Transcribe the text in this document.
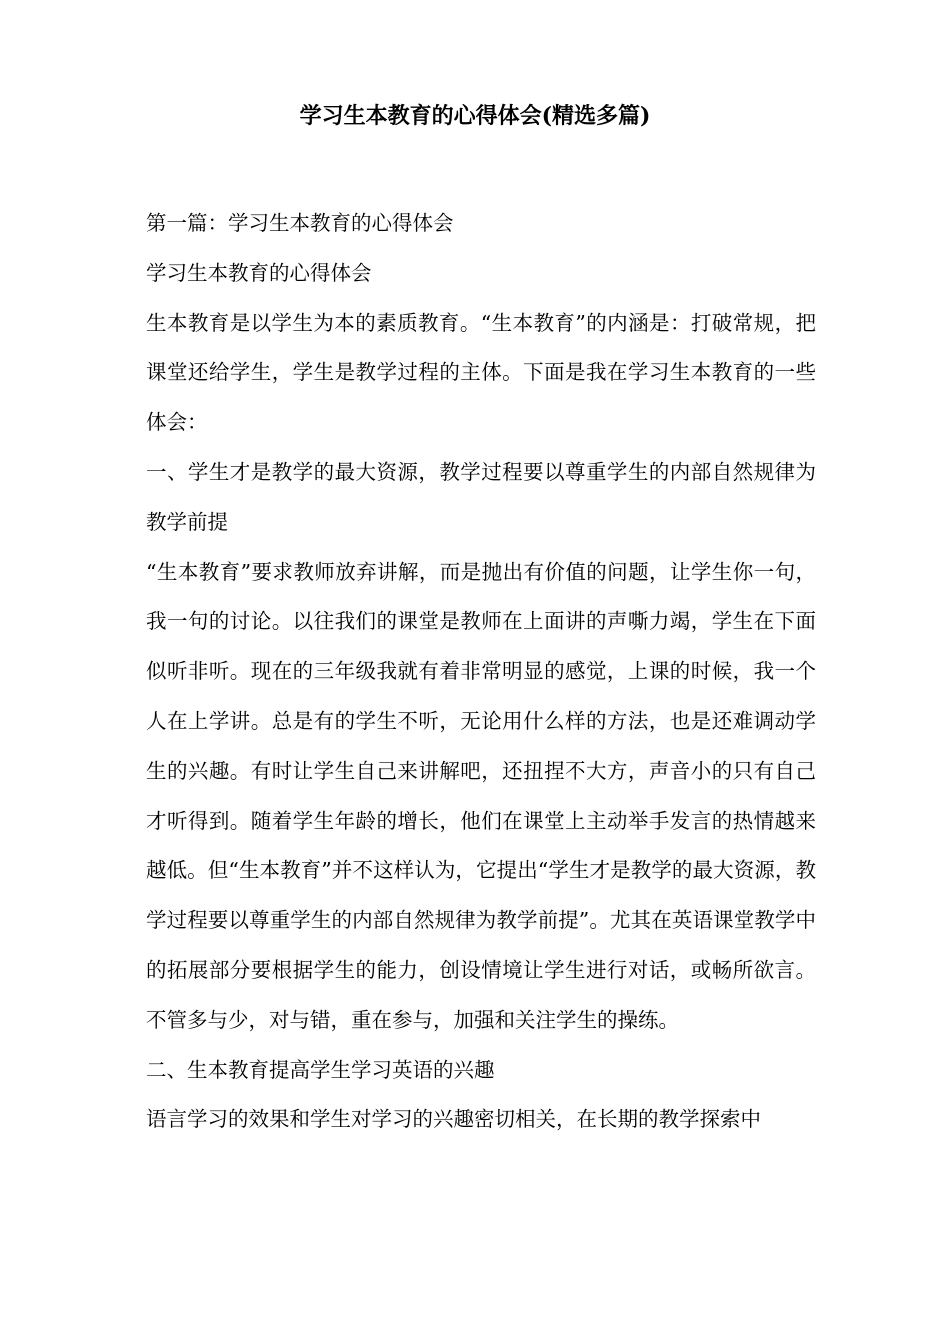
学习生本教育的心得体会(精选多篇)

第一篇：学习生本教育的心得体会

学习生本教育的心得体会

生本教育是以学生为本的素质教育。“生本教育”的内涵是：打破常规，把课堂还给学生，学生是教学过程的主体。下面是我在学习生本教育的一些体会：

一、学生才是教学的最大资源，教学过程要以尊重学生的内部自然规律为教学前提

“生本教育”要求教师放弃讲解，而是抛出有价值的问题，让学生你一句，我一句的讨论。以往我们的课堂是教师在上面讲的声嘶力竭，学生在下面似听非听。现在的三年级我就有着非常明显的感觉，上课的时候，我一个人在上学讲。总是有的学生不听，无论用什么样的方法，也是还难调动学生的兴趣。有时让学生自己来讲解吧，还扭捏不大方，声音小的只有自己才听得到。随着学生年龄的增长，他们在课堂上主动举手发言的热情越来越低。但“生本教育”并不这样认为，它提出“学生才是教学的最大资源，教学过程要以尊重学生的内部自然规律为教学前提”。尤其在英语课堂教学中的拓展部分要根据学生的能力，创设情境让学生进行对话，或畅所欲言。不管多与少，对与错，重在参与，加强和关注学生的操练。

二、生本教育提高学生学习英语的兴趣

语言学习的效果和学生对学习的兴趣密切相关，在长期的教学探索中
